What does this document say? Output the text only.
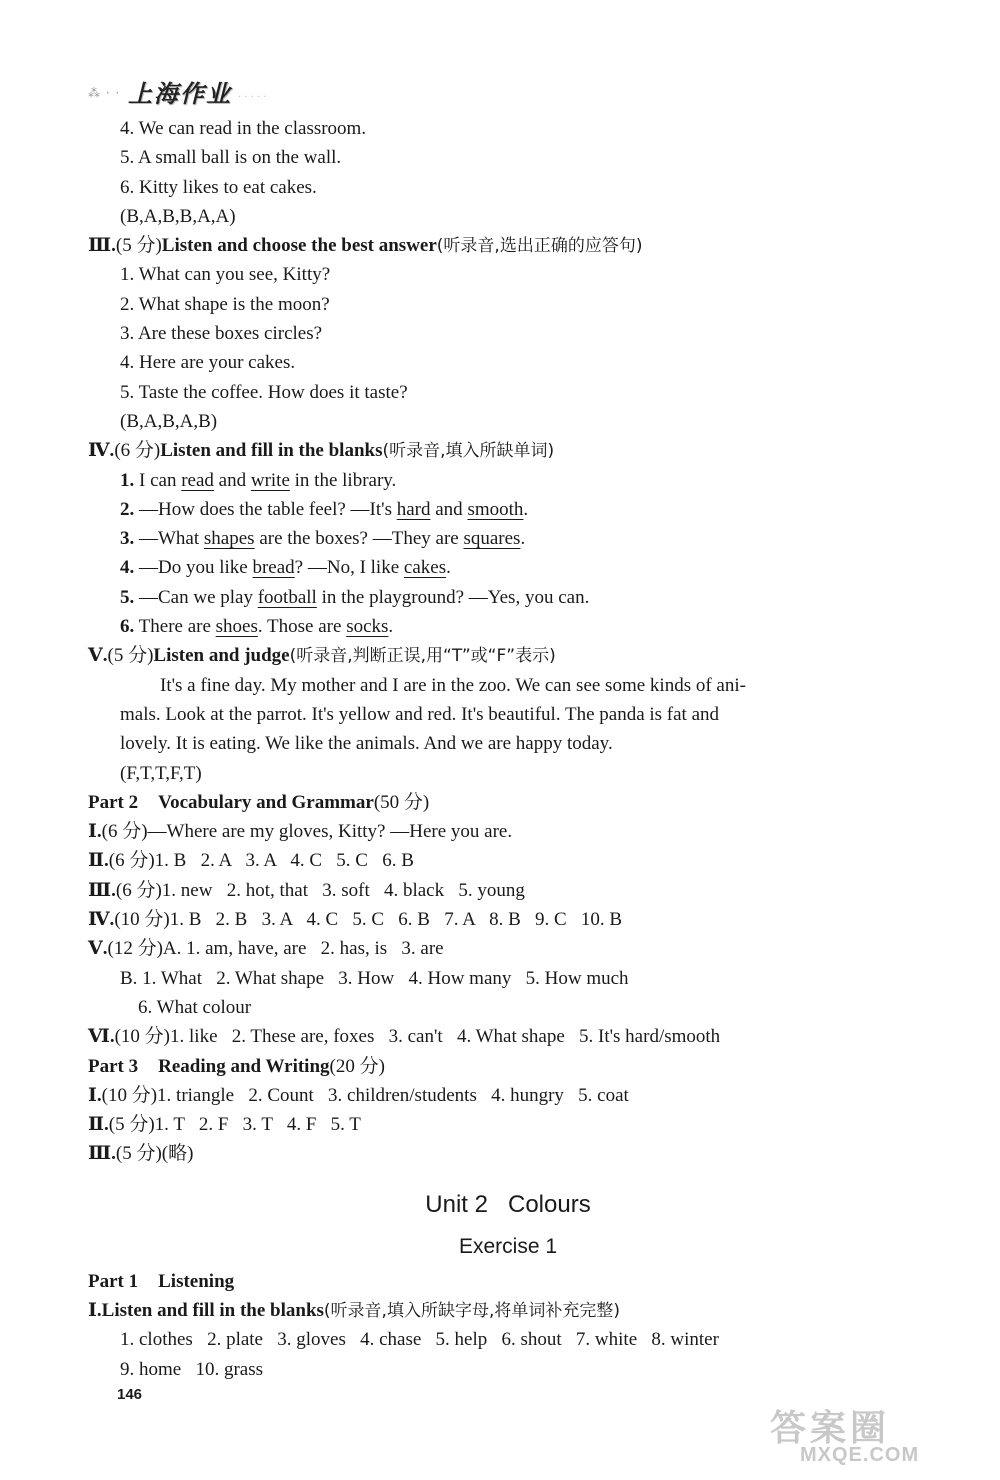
⁂ · · 上海作业 · · · · ·
4. We can read in the classroom.
5. A small ball is on the wall.
6. Kitty likes to eat cakes.
(B,A,B,B,A,A)
Ⅲ.(5 分)Listen and choose the best answer(听录音,选出正确的应答句)
1. What can you see, Kitty?
2. What shape is the moon?
3. Are these boxes circles?
4. Here are your cakes.
5. Taste the coffee. How does it taste?
(B,A,B,A,B)
Ⅳ.(6 分)Listen and fill in the blanks(听录音,填入所缺单词)
1. I can read and write in the library.
2. —How does the table feel? —It's hard and smooth.
3. —What shapes are the boxes? —They are squares.
4. —Do you like bread? —No, I like cakes.
5. —Can we play football in the playground? —Yes, you can.
6. There are shoes. Those are socks.
Ⅴ.(5 分)Listen and judge(听录音,判断正误,用“T”或“F”表示)
It's a fine day. My mother and I are in the zoo. We can see some kinds of ani-
mals. Look at the parrot. It's yellow and red. It's beautiful. The panda is fat and
lovely. It is eating. We like the animals. And we are happy today.
(F,T,T,F,T)
Part 2 Vocabulary and Grammar(50 分)
Ⅰ.(6 分)—Where are my gloves, Kitty? —Here you are.
Ⅱ.(6 分)1. B   2. A   3. A   4. C   5. C   6. B
Ⅲ.(6 分)1. new   2. hot, that   3. soft   4. black   5. young
Ⅳ.(10 分)1. B   2. B   3. A   4. C   5. C   6. B   7. A   8. B   9. C   10. B
Ⅴ.(12 分)A. 1. am, have, are   2. has, is   3. are
B. 1. What   2. What shape   3. How   4. How many   5. How much
6. What colour
Ⅵ.(10 分)1. like   2. These are, foxes   3. can't   4. What shape   5. It's hard/smooth
Part 3 Reading and Writing(20 分)
Ⅰ.(10 分)1. triangle   2. Count   3. children/students   4. hungry   5. coat
Ⅱ.(5 分)1. T   2. F   3. T   4. F   5. T
Ⅲ.(5 分)(略)
Unit 2   Colours
Exercise 1
Part 1 Listening
Ⅰ.Listen and fill in the blanks(听录音,填入所缺字母,将单词补充完整)
1. clothes   2. plate   3. gloves   4. chase   5. help   6. shout   7. white   8. winter
9. home   10. grass
146
答案圈
MXQE.COM
